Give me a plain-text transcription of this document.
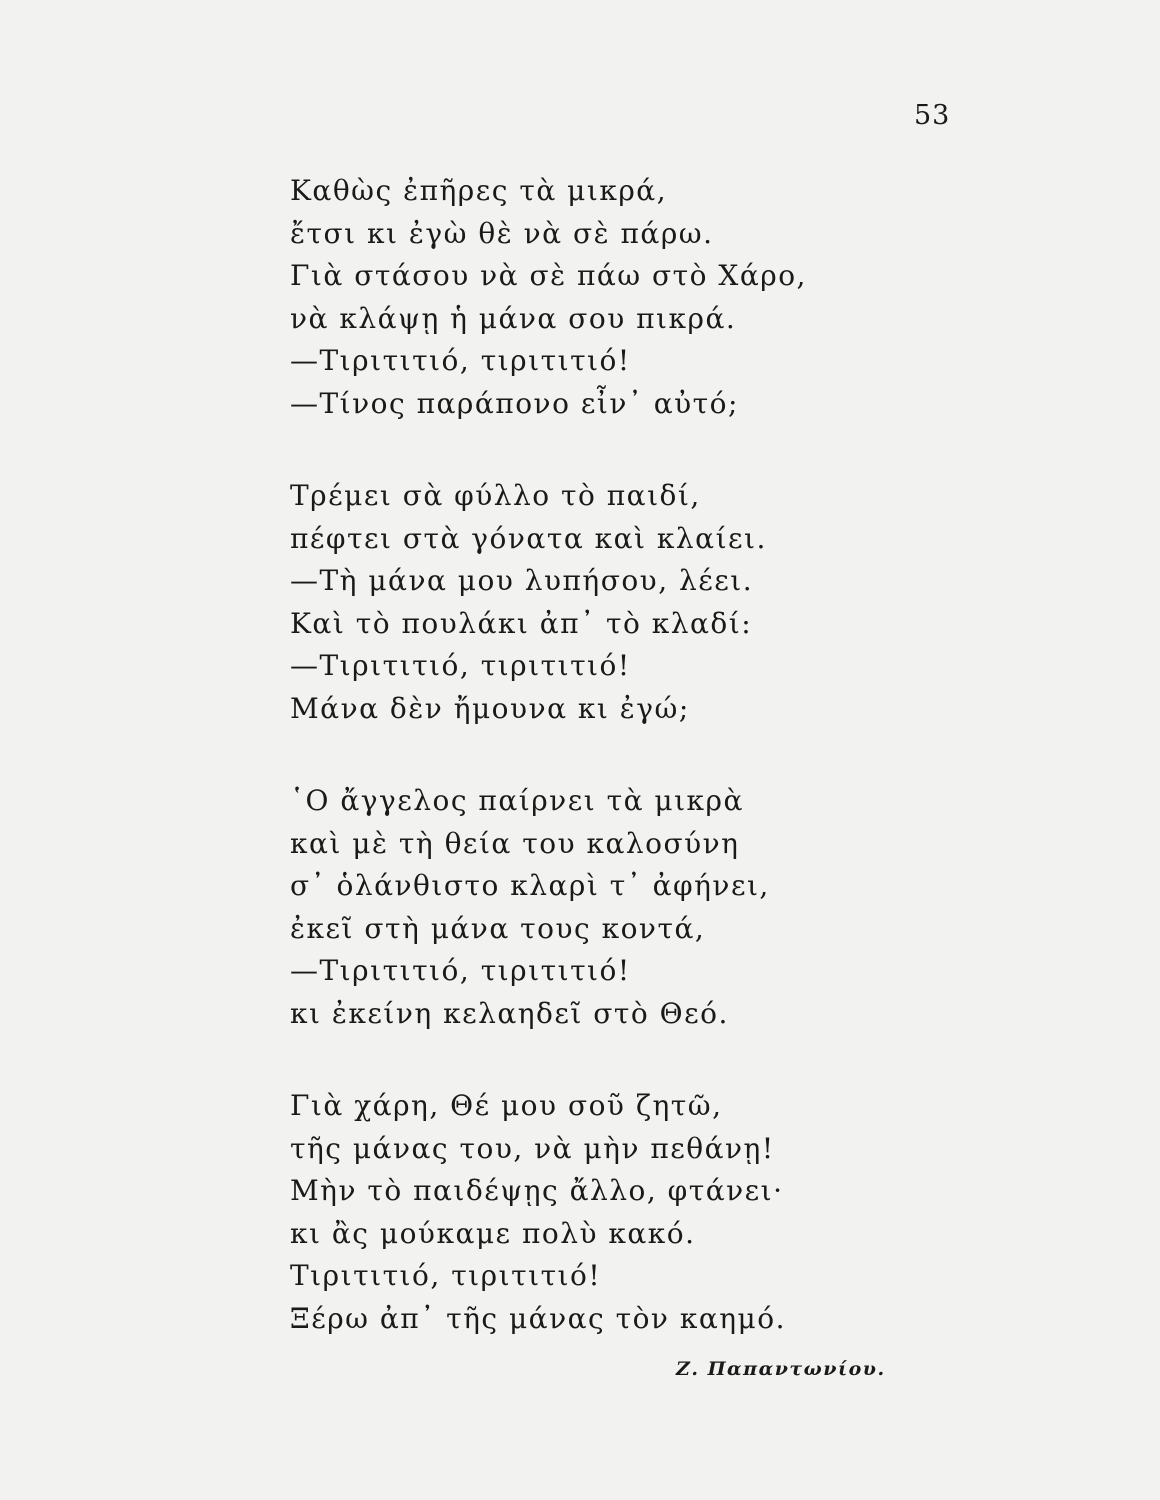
53
Καθὼς ἐπῆρες τὰ μικρά,
ἔτσι κι ἐγὼ θὲ νὰ σὲ πάρω.
Γιὰ στάσου νὰ σὲ πάω στὸ Χάρο,
νὰ κλάψῃ ἡ μάνα σου πικρά.
—Τιριτιτιό, τιριτιτιό!
—Τίνος παράπονο εἶν᾽ αὐτό;
Τρέμει σὰ φύλλο τὸ παιδί,
πέφτει στὰ γόνατα καὶ κλαίει.
—Τὴ μάνα μου λυπήσου, λέει.
Καὶ τὸ πουλάκι ἀπ᾽ τὸ κλαδί:
—Τιριτιτιό, τιριτιτιό!
Μάνα δὲν ἤμουνα κι ἐγώ;
῾Ο ἄγγελος παίρνει τὰ μικρὰ
καὶ μὲ τὴ θεία του καλοσύνη
σ᾽ ὁλάνθιστο κλαρὶ τ᾽ ἀφήνει,
ἐκεῖ στὴ μάνα τους κοντά,
—Τιριτιτιό, τιριτιτιό!
κι ἐκείνη κελαηδεῖ στὸ Θεό.
Γιὰ χάρη, Θέ μου σοῦ ζητῶ,
τῆς μάνας του, νὰ μὴν πεθάνῃ!
Μὴν τὸ παιδέψῃς ἄλλο, φτάνει·
κι ἂς μούκαμε πολὺ κακό.
Τιριτιτιό, τιριτιτιό!
Ξέρω ἀπ᾽ τῆς μάνας τὸν καημό.
Ζ. Παπαντωνίου.
